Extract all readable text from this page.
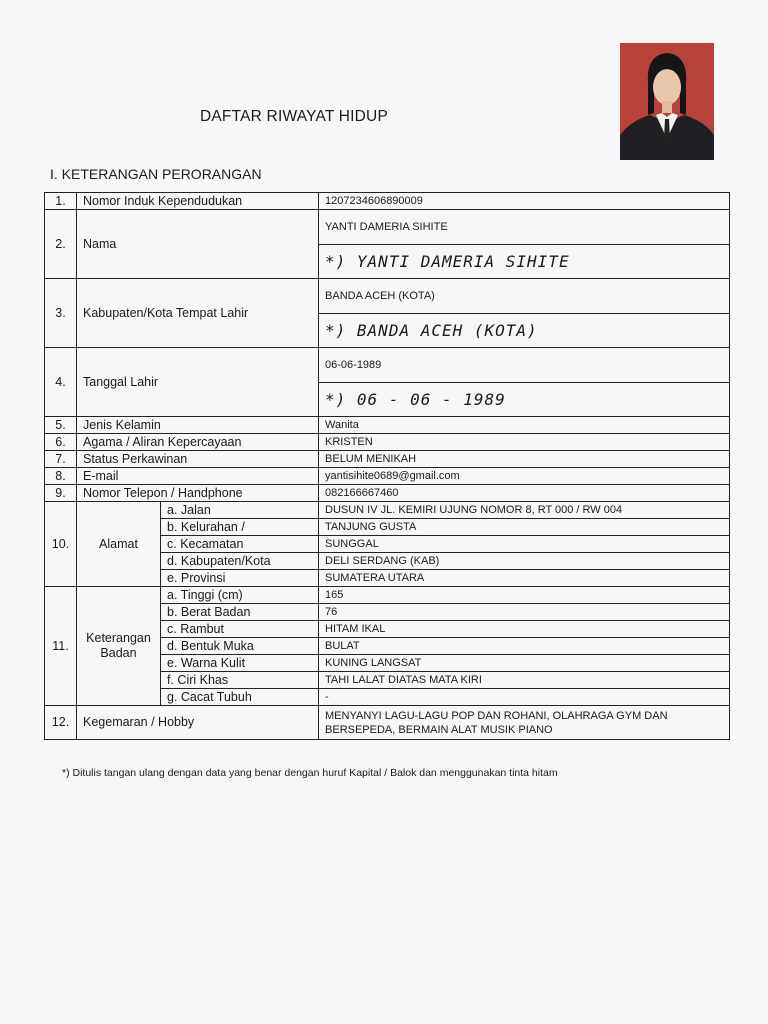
DAFTAR RIWAYAT HIDUP
I. KETERANGAN PERORANGAN
1.	Nomor Induk Kependudukan		1207234606890009
2.	Nama		YANTI DAMERIA SIHITE
			*) YANTI DAMERIA SIHITE
3.	Kabupaten/Kota Tempat Lahir		BANDA ACEH (KOTA)
			*) BANDA ACEH (KOTA)
4.	Tanggal Lahir		06-06-1989
			*) 06 - 06 - 1989
5.	Jenis Kelamin		Wanita
6.	Agama / Aliran Kepercayaan		KRISTEN
7.	Status Perkawinan		BELUM MENIKAH
8.	E-mail		yantisihite0689@gmail.com
9.	Nomor Telepon / Handphone		082166667460
10.	Alamat	a. Jalan	DUSUN IV JL. KEMIRI UJUNG NOMOR 8, RT 000 / RW 004
		b. Kelurahan /	TANJUNG GUSTA
		c. Kecamatan	SUNGGAL
		d. Kabupaten/Kota	DELI SERDANG (KAB)
		e. Provinsi	SUMATERA UTARA
11.	Keterangan Badan	a. Tinggi (cm)	165
		b. Berat Badan	76
		c. Rambut	HITAM IKAL
		d. Bentuk Muka	BULAT
		e. Warna Kulit	KUNING LANGSAT
		f. Ciri Khas	TAHI LALAT DIATAS MATA KIRI
		g. Cacat Tubuh	-
12.	Kegemaran / Hobby		MENYANYI LAGU-LAGU POP DAN ROHANI, OLAHRAGA GYM DAN BERSEPEDA, BERMAIN ALAT MUSIK PIANO
*) Ditulis tangan ulang dengan data yang benar dengan huruf Kapital / Balok dan menggunakan tinta hitam
